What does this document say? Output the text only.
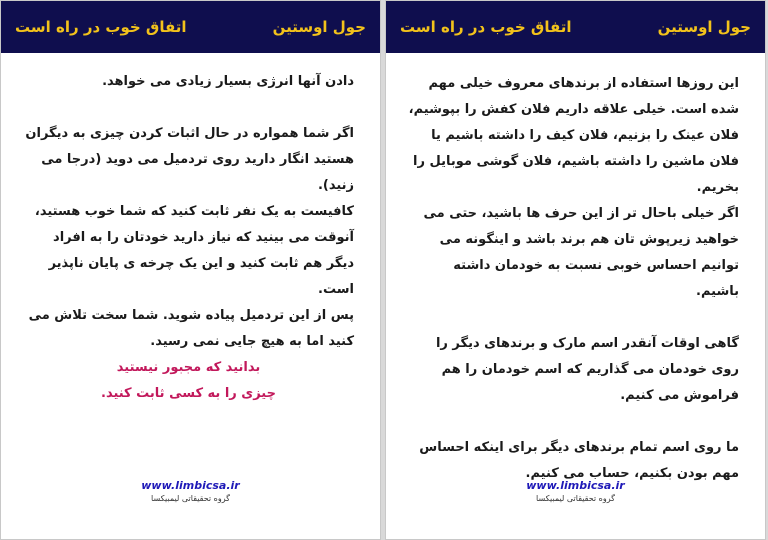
جول اوستین
اتفاق خوب در راه است

دادن آنها انرژی بسیار زیادی می خواهد.

اگر شما همواره در حال اثبات کردن چیزی به دیگران هستید انگار دارید روی تردمیل می دوید (درجا می زنید).

کافیست به یک نفر ثابت کنید که شما خوب هستید، آنوقت می بینید که نیاز دارید خودتان را به افراد دیگر هم ثابت کنید و این یک چرخه ی پایان ناپذیر است.

پس از این تردمیل پیاده شوید. شما سخت تلاش می کنید اما به هیچ جایی نمی رسید.

بدانید که مجبور نیستید

چیزی را به کسی ثابت کنید.

www.limbicsa.ir
گروه تحقیقاتی لیمبیکسا
جول اوستین
اتفاق خوب در راه است

این روزها استفاده از برندهای معروف خیلی مهم شده است. خیلی علاقه داریم فلان کفش را بپوشیم، فلان عینک را بزنیم، فلان کیف را داشته باشیم یا فلان ماشین را داشته باشیم، فلان گوشی موبایل را بخریم.

اگر خیلی باحال تر از این حرف ها باشید، حتی می خواهید زیرپوش تان هم برند باشد و اینگونه می توانیم احساس خوبی نسبت به خودمان داشته باشیم.

گاهی اوقات آنقدر اسم مارک و برندهای دیگر را روی خودمان می گذاریم که اسم خودمان را هم فراموش می کنیم.

ما روی اسم تمام برندهای دیگر برای اینکه احساس مهم بودن بکنیم، حساب می کنیم.

www.limbicsa.ir
گروه تحقیقاتی لیمبیکسا
